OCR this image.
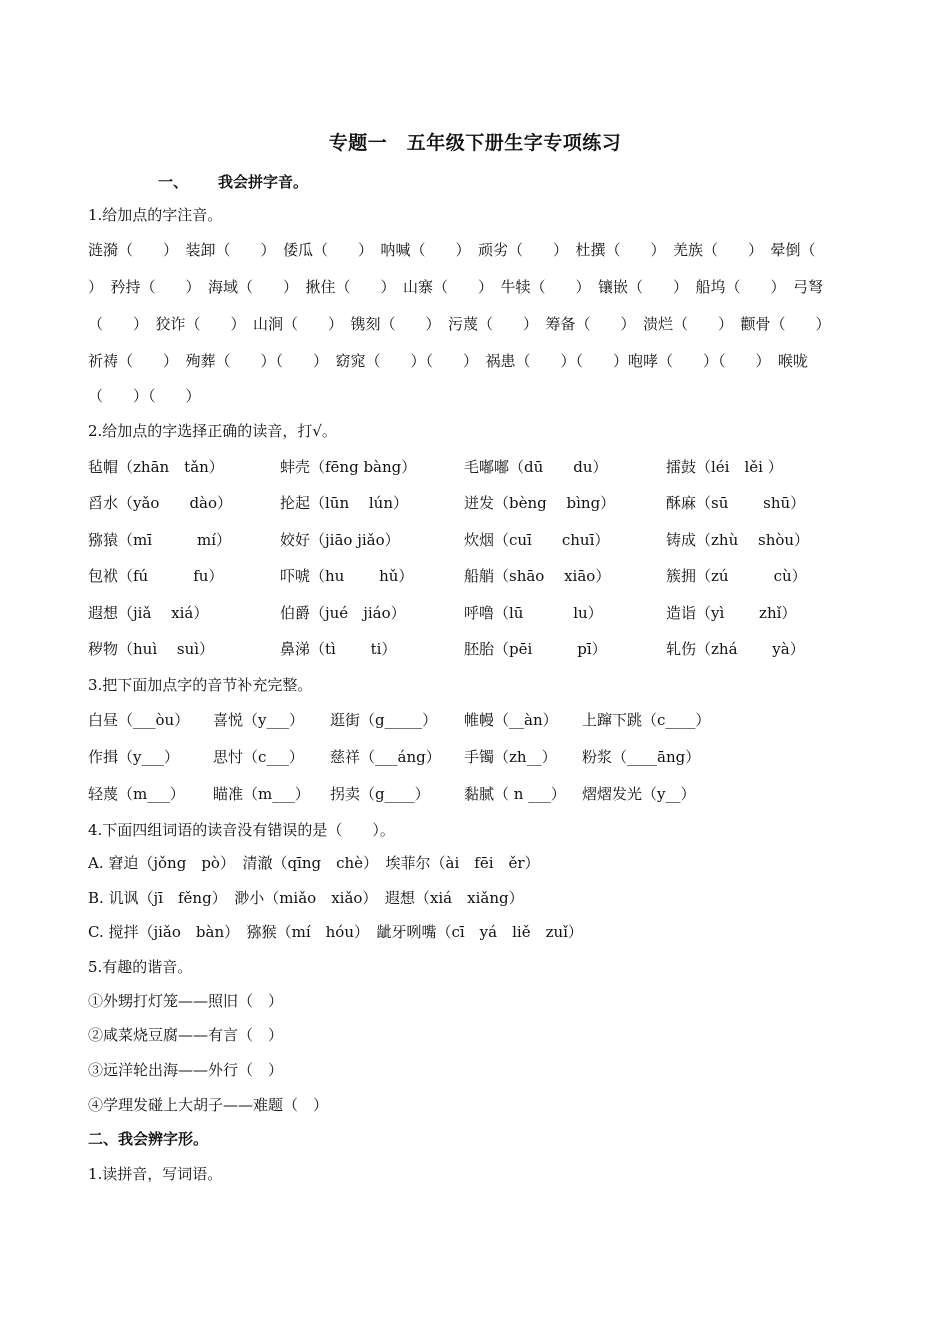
专题一　五年级下册生字专项练习
一、 我会拼字音。
1.给加点的字注音。
涟漪（　　）　装卸（　　）　倭瓜（　　）　呐喊（　　）　顽劣（　　）　杜撰（　　）　羌族（　　）　晕倒（
）　矜持（　　）　海域（　　）　揪住（　　）　山寨（　　）　牛犊（　　）　镶嵌（　　）　船坞（　　）　弓弩
（　　）　狡诈（　　）　山涧（　　）　镌刻（　　）　污蔑（　　）　筹备（　　）　溃烂（　　）　颧骨（　　）
祈祷（　　）　殉葬（　　）（　　）　窈窕（　　）（　　）　祸患（　　）（　　）咆哮（　　）（　　）　喉咙
（　　）（　　）
2.给加点的字选择正确的读音，打√。
毡帽（zhān　tǎn）	蚌壳（fēng bàng）	毛嘟嘟（dū　　du）	擂鼓（léi　lěi ）
舀水（yǎo　　dào）	抡起（lūn　 lún）	迸发（bèng　 bìng）	酥麻（sū　　 shū）
猕猿（mī　　　mí）	姣好（jiāo jiǎo）	炊烟（cuī　　chuī）	铸成（zhù　 shòu）
包袱（fú　　　fu）	吓唬（hu　　 hǔ）	船艄（shāo　 xiāo）	簇拥（zú　　　cù）
遐想（jiǎ　 xiá）	伯爵（jué　jiáo）	呼噜（lū　　　 lu）	造诣（yì　　 zhǐ）
秽物（huì　 suì）	鼻涕（tì　　 ti）	胚胎（pēi　　　pī）	轧伤（zhá　　 yà）
3.把下面加点字的音节补充完整。
白昼（___òu） 喜悦（y___） 逛街（g_____） 帷幔（__àn） 上蹿下跳（c____）
作揖（y___） 思忖（c___） 慈祥（___áng） 手镯（zh__） 粉浆（____āng）
轻蔑（m___） 瞄准（m___） 拐卖（g____） 黏腻（ n ___） 熠熠发光（y__）
4.下面四组词语的读音没有错误的是（　　）。
A. 窘迫（jǒng　pò）　清澈（qīng　chè）　埃菲尔（ài　fēi　ěr）
B. 讥讽（jī　fěng）　渺小（miǎo　xiǎo）　遐想（xiá　xiǎng）
C. 搅拌（jiǎo　bàn）　猕猴（mí　hóu）　龇牙咧嘴（cī　yá　liě　zuǐ）
5.有趣的谐音。
①外甥打灯笼——照旧（　）
②咸菜烧豆腐——有言（　）
③远洋轮出海——外行（　）
④学理发碰上大胡子——难题（　）
二、我会辨字形。
1.读拼音，写词语。
